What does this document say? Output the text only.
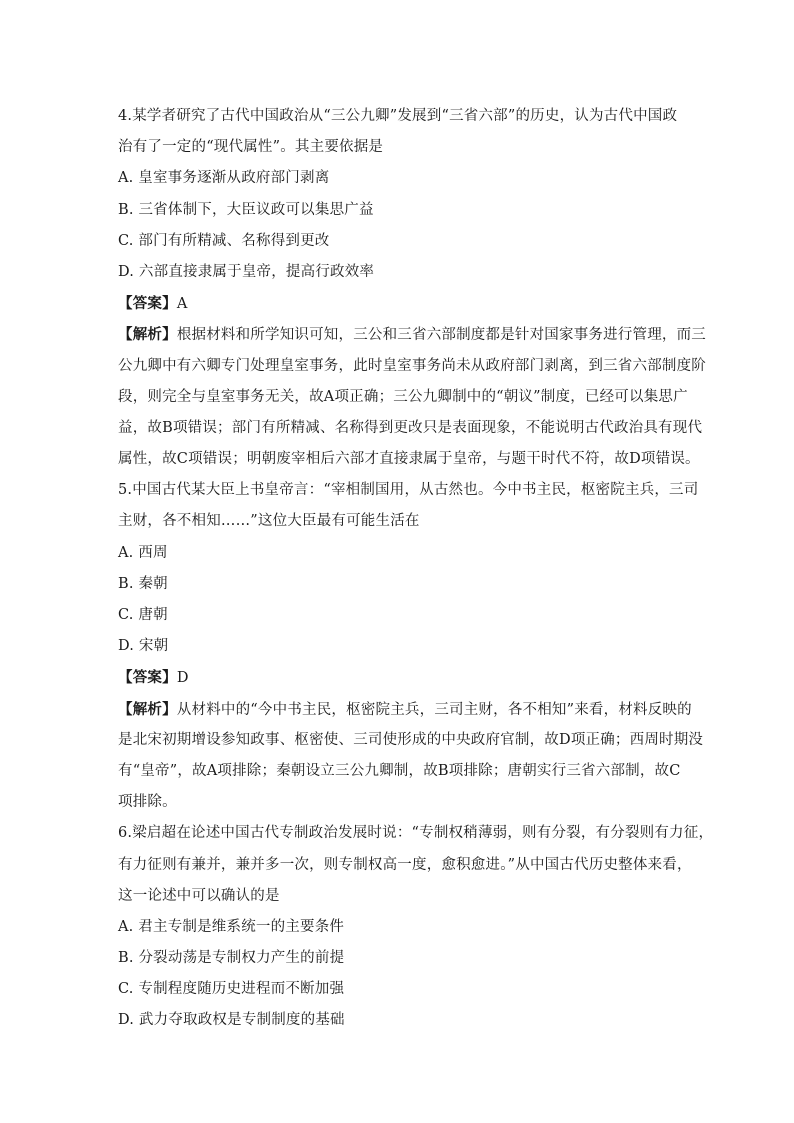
4.某学者研究了古代中国政治从“三公九卿”发展到“三省六部”的历史，认为古代中国政
治有了一定的“现代属性”。其主要依据是
A. 皇室事务逐渐从政府部门剥离
B. 三省体制下，大臣议政可以集思广益
C. 部门有所精减、名称得到更改
D. 六部直接隶属于皇帝，提高行政效率
【答案】A
【解析】根据材料和所学知识可知，三公和三省六部制度都是针对国家事务进行管理，而三
公九卿中有六卿专门处理皇室事务，此时皇室事务尚未从政府部门剥离，到三省六部制度阶
段，则完全与皇室事务无关，故A项正确；三公九卿制中的“朝议”制度，已经可以集思广
益，故B项错误；部门有所精减、名称得到更改只是表面现象，不能说明古代政治具有现代
属性，故C项错误；明朝废宰相后六部才直接隶属于皇帝，与题干时代不符，故D项错误。
5.中国古代某大臣上书皇帝言：“宰相制国用，从古然也。今中书主民，枢密院主兵，三司
主财，各不相知……”这位大臣最有可能生活在
A. 西周
B. 秦朝
C. 唐朝
D. 宋朝
【答案】D
【解析】从材料中的“今中书主民，枢密院主兵，三司主财，各不相知”来看，材料反映的
是北宋初期增设参知政事、枢密使、三司使形成的中央政府官制，故D项正确；西周时期没
有“皇帝”，故A项排除；秦朝设立三公九卿制，故B项排除；唐朝实行三省六部制，故C
项排除。
6.梁启超在论述中国古代专制政治发展时说：“专制权稍薄弱，则有分裂，有分裂则有力征，
有力征则有兼并，兼并多一次，则专制权高一度，愈积愈进。”从中国古代历史整体来看，
这一论述中可以确认的是
A. 君主专制是维系统一的主要条件
B. 分裂动荡是专制权力产生的前提
C. 专制程度随历史进程而不断加强
D. 武力夺取政权是专制制度的基础
